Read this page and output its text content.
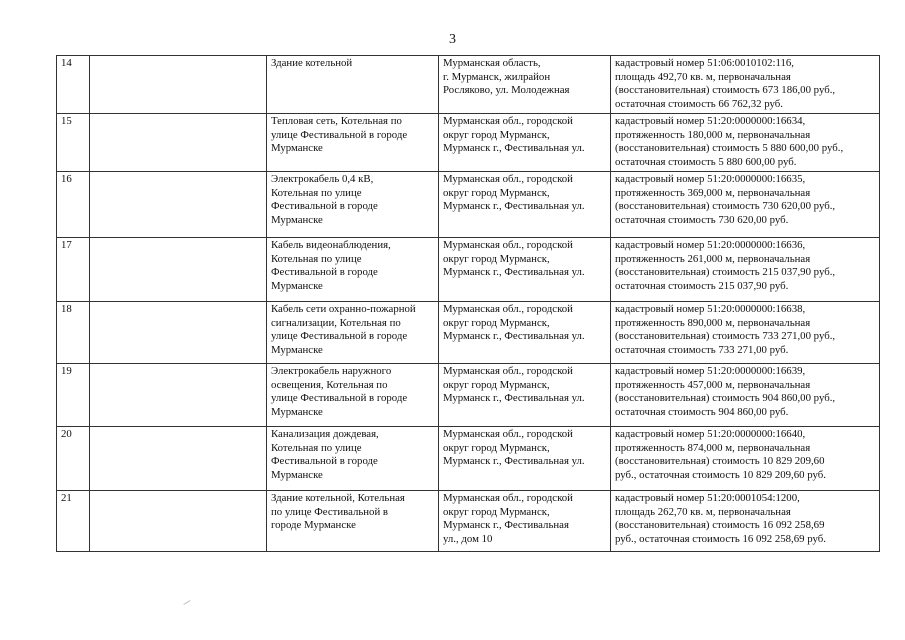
3
14		Здание котельной	Мурманская область,
г. Мурманск, жилрайон
Росляково, ул. Молодежная	кадастровый номер 51:06:0010102:116,
площадь 492,70 кв. м, первоначальная
(восстановительная) стоимость 673 186,00 руб.,
остаточная стоимость 66 762,32 руб.

15		Тепловая сеть, Котельная по
улице Фестивальной в городе
Мурманске	Мурманская обл., городской
округ город Мурманск,
Мурманск г., Фестивальная ул.	кадастровый номер 51:20:0000000:16634,
протяженность 180,000 м, первоначальная
(восстановительная) стоимость 5 880 600,00 руб.,
остаточная стоимость 5 880 600,00 руб.

16		Электрокабель 0,4 кВ,
Котельная по улице
Фестивальной в городе
Мурманске	Мурманская обл., городской
округ город Мурманск,
Мурманск г., Фестивальная ул.	кадастровый номер 51:20:0000000:16635,
протяженность 369,000 м, первоначальная
(восстановительная) стоимость 730 620,00 руб.,
остаточная стоимость 730 620,00 руб.

17		Кабель видеонаблюдения,
Котельная по улице
Фестивальной в городе
Мурманске	Мурманская обл., городской
округ город Мурманск,
Мурманск г., Фестивальная ул.	кадастровый номер 51:20:0000000:16636,
протяженность 261,000 м, первоначальная
(восстановительная) стоимость 215 037,90 руб.,
остаточная стоимость 215 037,90 руб.

18		Кабель сети охранно-пожарной
сигнализации, Котельная по
улице Фестивальной в городе
Мурманске	Мурманская обл., городской
округ город Мурманск,
Мурманск г., Фестивальная ул.	кадастровый номер 51:20:0000000:16638,
протяженность 890,000 м, первоначальная
(восстановительная) стоимость 733 271,00 руб.,
остаточная стоимость 733 271,00 руб.

19		Электрокабель наружного
освещения, Котельная по
улице Фестивальной в городе
Мурманске	Мурманская обл., городской
округ город Мурманск,
Мурманск г., Фестивальная ул.	кадастровый номер 51:20:0000000:16639,
протяженность 457,000 м, первоначальная
(восстановительная) стоимость 904 860,00 руб.,
остаточная стоимость 904 860,00 руб.

20		Канализация дождевая,
Котельная по улице
Фестивальной в городе
Мурманске	Мурманская обл., городской
округ город Мурманск,
Мурманск г., Фестивальная ул.	кадастровый номер 51:20:0000000:16640,
протяженность 874,000 м, первоначальная
(восстановительная) стоимость 10 829 209,60
руб., остаточная стоимость 10 829 209,60 руб.

21		Здание котельной, Котельная
по улице Фестивальной в
городе Мурманске	Мурманская обл., городской
округ город Мурманск,
Мурманск г., Фестивальная
ул., дом 10	кадастровый номер 51:20:0001054:1200,
площадь 262,70 кв. м, первоначальная
(восстановительная) стоимость 16 092 258,69
руб., остаточная стоимость 16 092 258,69 руб.
